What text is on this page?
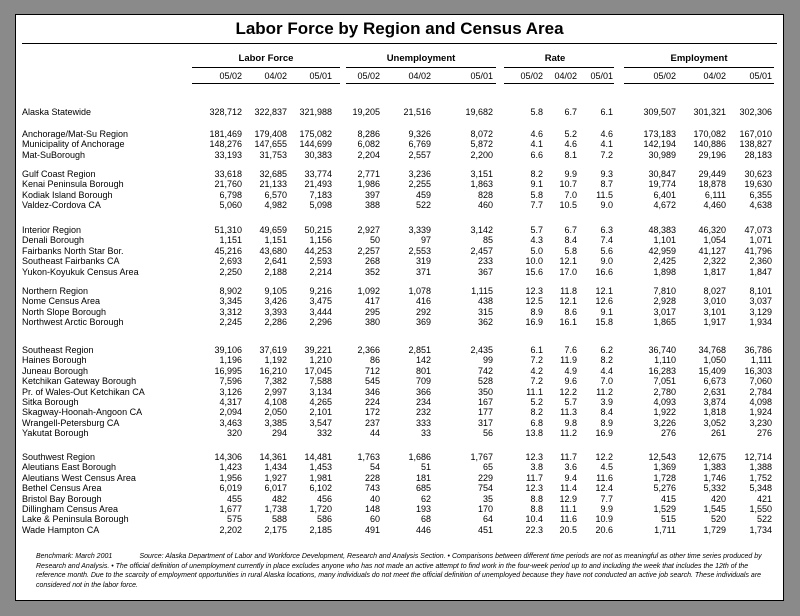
Labor Force by Region and Census Area
Labor Force	Unemployment	Rate	Employment
05/02	04/02	05/01	05/02	04/02	05/01	05/02	04/02	05/01	05/02	04/02	05/01
Alaska Statewide	328,712	322,837	321,988	19,205	21,516	19,682	5.8	6.7	6.1	309,507	301,321	302,306
Anchorage/Mat-Su Region	181,469	179,408	175,082	8,286	9,326	8,072	4.6	5.2	4.6	173,183	170,082	167,010
Municipality of Anchorage	148,276	147,655	144,699	6,082	6,769	5,872	4.1	4.6	4.1	142,194	140,886	138,827
Mat-SuBorough	33,193	31,753	30,383	2,204	2,557	2,200	6.6	8.1	7.2	30,989	29,196	28,183
Gulf Coast Region	33,618	32,685	33,774	2,771	3,236	3,151	8.2	9.9	9.3	30,847	29,449	30,623
Kenai Peninsula Borough	21,760	21,133	21,493	1,986	2,255	1,863	9.1	10.7	8.7	19,774	18,878	19,630
Kodiak Island Borough	6,798	6,570	7,183	397	459	828	5.8	7.0	11.5	6,401	6,111	6,355
Valdez-Cordova CA	5,060	4,982	5,098	388	522	460	7.7	10.5	9.0	4,672	4,460	4,638
Interior Region	51,310	49,659	50,215	2,927	3,339	3,142	5.7	6.7	6.3	48,383	46,320	47,073
Denali Borough	1,151	1,151	1,156	50	97	85	4.3	8.4	7.4	1,101	1,054	1,071
Fairbanks North Star Bor.	45,216	43,680	44,253	2,257	2,553	2,457	5.0	5.8	5.6	42,959	41,127	41,796
Southeast Fairbanks CA	2,693	2,641	2,593	268	319	233	10.0	12.1	9.0	2,425	2,322	2,360
Yukon-Koyukuk Census Area	2,250	2,188	2,214	352	371	367	15.6	17.0	16.6	1,898	1,817	1,847
Northern Region	8,902	9,105	9,216	1,092	1,078	1,115	12.3	11.8	12.1	7,810	8,027	8,101
Nome Census Area	3,345	3,426	3,475	417	416	438	12.5	12.1	12.6	2,928	3,010	3,037
North Slope Borough	3,312	3,393	3,444	295	292	315	8.9	8.6	9.1	3,017	3,101	3,129
Northwest Arctic Borough	2,245	2,286	2,296	380	369	362	16.9	16.1	15.8	1,865	1,917	1,934
Southeast Region	39,106	37,619	39,221	2,366	2,851	2,435	6.1	7.6	6.2	36,740	34,768	36,786
Haines Borough	1,196	1,192	1,210	86	142	99	7.2	11.9	8.2	1,110	1,050	1,111
Juneau Borough	16,995	16,210	17,045	712	801	742	4.2	4.9	4.4	16,283	15,409	16,303
Ketchikan Gateway Borough	7,596	7,382	7,588	545	709	528	7.2	9.6	7.0	7,051	6,673	7,060
Pr. of Wales-Out Ketchikan CA	3,126	2,997	3,134	346	366	350	11.1	12.2	11.2	2,780	2,631	2,784
Sitka Borough	4,317	4,108	4,265	224	234	167	5.2	5.7	3.9	4,093	3,874	4,098
Skagway-Hoonah-Angoon CA	2,094	2,050	2,101	172	232	177	8.2	11.3	8.4	1,922	1,818	1,924
Wrangell-Petersburg CA	3,463	3,385	3,547	237	333	317	6.8	9.8	8.9	3,226	3,052	3,230
Yakutat Borough	320	294	332	44	33	56	13.8	11.2	16.9	276	261	276
Southwest Region	14,306	14,361	14,481	1,763	1,686	1,767	12.3	11.7	12.2	12,543	12,675	12,714
Aleutians East Borough	1,423	1,434	1,453	54	51	65	3.8	3.6	4.5	1,369	1,383	1,388
Aleutians West Census Area	1,956	1,927	1,981	228	181	229	11.7	9.4	11.6	1,728	1,746	1,752
Bethel Census Area	6,019	6,017	6,102	743	685	754	12.3	11.4	12.4	5,276	5,332	5,348
Bristol Bay Borough	455	482	456	40	62	35	8.8	12.9	7.7	415	420	421
Dillingham Census Area	1,677	1,738	1,720	148	193	170	8.8	11.1	9.9	1,529	1,545	1,550
Lake & Peninsula Borough	575	588	586	60	68	64	10.4	11.6	10.9	515	520	522
Wade Hampton CA	2,202	2,175	2,185	491	446	451	22.3	20.5	20.6	1,711	1,729	1,734
Benchmark: March 2001	Source: Alaska Department of Labor and Workforce Development, Research and Analysis Section. • Comparisons between different time periods are not as meaningful as other time series produced by Research and Analysis. • The official definition of unemployment currently in place excludes anyone who has not made an active attempt to find work in the four-week period up to and including the week that includes the 12th of the reference month. Due to the scarcity of employment opportunities in rural Alaska locations, many individuals do not meet the official definition of unemployed because they have not conducted an active job search. These individuals are considered not in the labor force.
